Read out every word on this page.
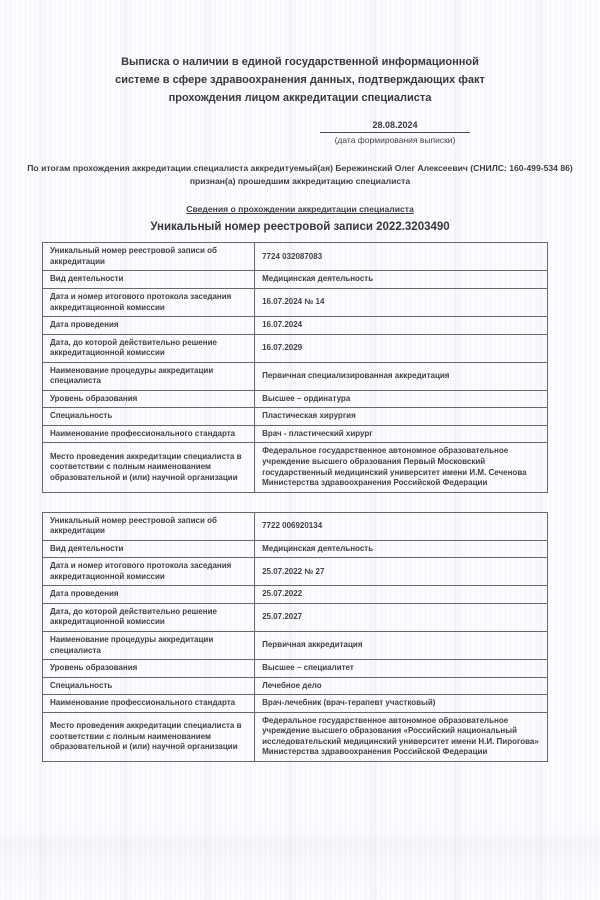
Выписка о наличии в единой государственной информационной
системе в сфере здравоохранения данных, подтверждающих факт
прохождения лицом аккредитации специалиста
28.08.2024
(дата формирования выписки)
По итогам прохождения аккредитации специалиста аккредитуемый(ая) Бережинский Олег Алексеевич (СНИЛС: 160-499-534 86) признан(а) прошедшим аккредитацию специалиста
Сведения о прохождении аккредитации специалиста
Уникальный номер реестровой записи 2022.3203490
Уникальный номер реестровой записи об аккредитации	7724 032087083
Вид деятельности	Медицинская деятельность
Дата и номер итогового протокола заседания аккредитационной комиссии	16.07.2024 № 14
Дата проведения	16.07.2024
Дата, до которой действительно решение аккредитационной комиссии	16.07.2029
Наименование процедуры аккредитации специалиста	Первичная специализированная аккредитация
Уровень образования	Высшее – ординатура
Специальность	Пластическая хирургия
Наименование профессионального стандарта	Врач - пластический хирург
Место проведения аккредитации специалиста в соответствии с полным наименованием образовательной и (или) научной организации	Федеральное государственное автономное образовательное учреждение высшего образования Первый Московский государственный медицинский университет имени И.М. Сеченова Министерства здравоохранения Российской Федерации
Уникальный номер реестровой записи об аккредитации	7722 006920134
Вид деятельности	Медицинская деятельность
Дата и номер итогового протокола заседания аккредитационной комиссии	25.07.2022 № 27
Дата проведения	25.07.2022
Дата, до которой действительно решение аккредитационной комиссии	25.07.2027
Наименование процедуры аккредитации специалиста	Первичная аккредитация
Уровень образования	Высшее – специалитет
Специальность	Лечебное дело
Наименование профессионального стандарта	Врач-лечебник (врач-терапевт участковый)
Место проведения аккредитации специалиста в соответствии с полным наименованием образовательной и (или) научной организации	Федеральное государственное автономное образовательное учреждение высшего образования «Российский национальный исследовательский медицинский университет имени Н.И. Пирогова» Министерства здравоохранения Российской Федерации
